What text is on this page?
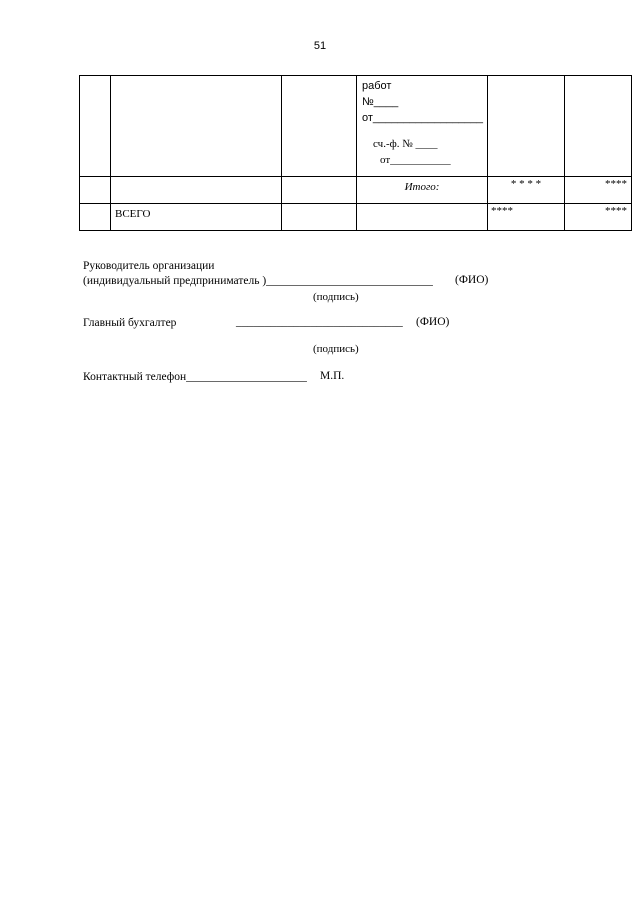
51

			работ
№____
от__________________
сч.-ф. № ____
от___________		

			Итого:	* * * *	****

	ВСЕГО			****	****
Руководитель организации
(индивидуальный предприниматель )_____________________________ (ФИО)
(подпись)
Главный бухгалтер	_____________________________ (ФИО)
(подпись)
Контактный телефон_____________________ М.П.
